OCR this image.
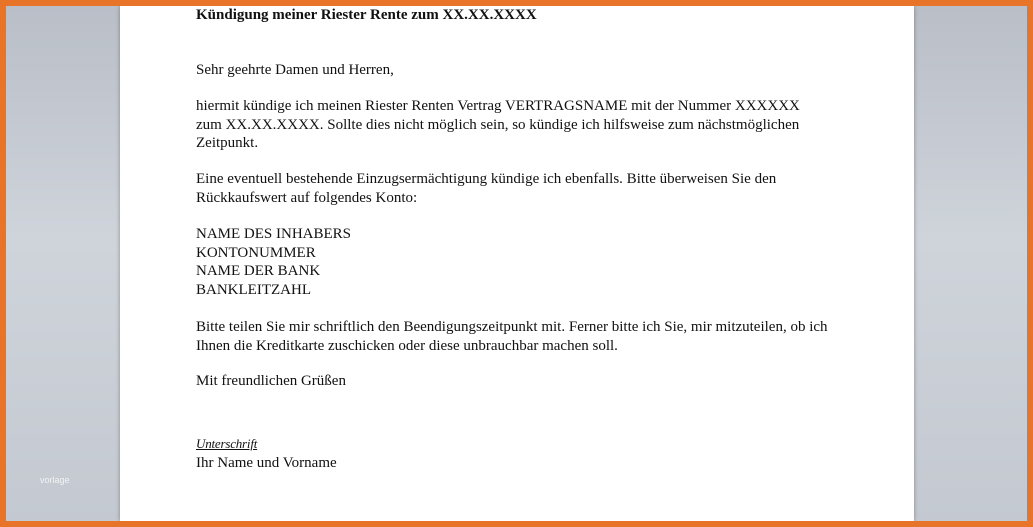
Kündigung meiner Riester Rente zum XX.XX.XXXX

Sehr geehrte Damen und Herren,

hiermit kündige ich meinen Riester Renten Vertrag VERTRAGSNAME mit der Nummer XXXXXX zum XX.XX.XXXX. Sollte dies nicht möglich sein, so kündige ich hilfsweise zum nächstmöglichen Zeitpunkt.

Eine eventuell bestehende Einzugsermächtigung kündige ich ebenfalls. Bitte überweisen Sie den Rückkaufswert auf folgendes Konto:

NAME DES INHABERS
KONTONUMMER
NAME DER BANK
BANKLEITZAHL

Bitte teilen Sie mir schriftlich den Beendigungszeitpunkt mit. Ferner bitte ich Sie, mir mitzuteilen, ob ich Ihnen die Kreditkarte zuschicken oder diese unbrauchbar machen soll.

Mit freundlichen Grüßen

Unterschrift

Ihr Name und Vorname

vorlage
